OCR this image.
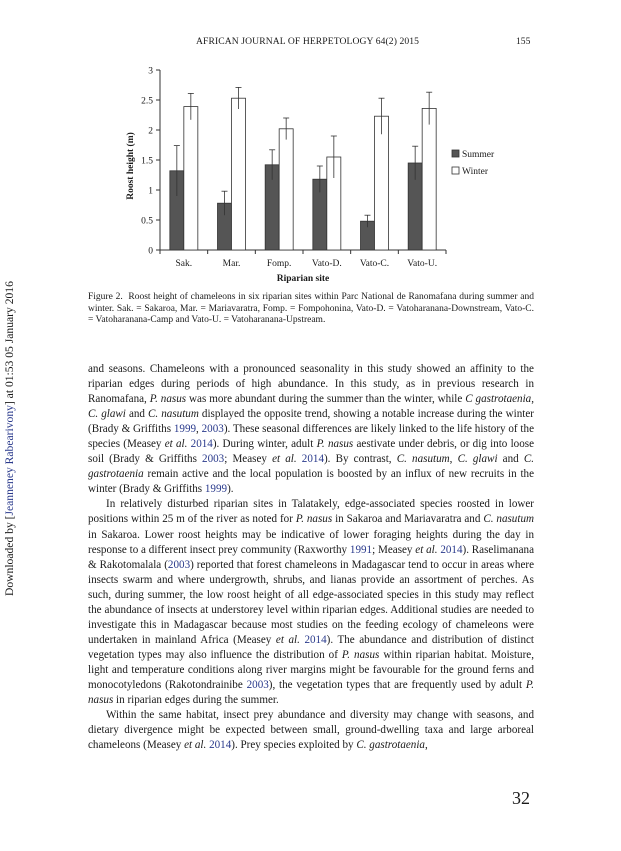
AFRICAN JOURNAL OF HERPETOLOGY 64(2) 2015	155
Downloaded by [Jeanneney Rabearivony] at 01:53 05 January 2016
0
0.5
1
1.5
2
2.5
3
Roost height (m)
Sak.	Mar.	Fomp. Vato-D. Vato-C. Vato-U.
Riparian site
Summer
Winter
Figure 2. Roost height of chameleons in six riparian sites within Parc National de Ranomafana during summer and winter. Sak. = Sakaroa, Mar. = Mariavaratra, Fomp. = Fompohonina, Vato-D. = Vatoharanana-Downstream, Vato-C. = Vatoharanana-Camp and Vato-U. = Vatoharanana-Upstream.

and seasons. Chameleons with a pronounced seasonality in this study showed an affinity to the riparian edges during periods of high abundance. In this study, as in previous research in Ranomafana, P. nasus was more abundant during the summer than the winter, while C gastrotaenia, C. glawi and C. nasutum displayed the opposite trend, showing a notable increase during the winter (Brady & Griffiths 1999, 2003). These seasonal differences are likely linked to the life history of the species (Measey et al. 2014). During winter, adult P. nasus aestivate under debris, or dig into loose soil (Brady & Griffiths 2003; Measey et al. 2014). By contrast, C. nasutum, C. glawi and C. gastrotaenia remain active and the local population is boosted by an influx of new recruits in the winter (Brady & Griffiths 1999).

In relatively disturbed riparian sites in Talatakely, edge-associated species roosted in lower positions within 25 m of the river as noted for P. nasus in Sakaroa and Mariavaratra and C. nasutum in Sakaroa. Lower roost heights may be indicative of lower foraging heights during the day in response to a different insect prey community (Raxworthy 1991; Measey et al. 2014). Raselimanana & Rakotomalala (2003) reported that forest chameleons in Madagascar tend to occur in areas where insects swarm and where undergrowth, shrubs, and lianas provide an assortment of perches. As such, during summer, the low roost height of all edge-associated species in this study may reflect the abundance of insects at understorey level within riparian edges. Additional studies are needed to investigate this in Madagascar because most studies on the feeding ecology of chameleons were undertaken in mainland Africa (Measey et al. 2014). The abundance and distribution of distinct vegetation types may also influence the distribution of P. nasus within riparian habitat. Moisture, light and temperature conditions along river margins might be favourable for the ground ferns and monocotyledons (Rakotondrainibe 2003), the vegetation types that are frequently used by adult P. nasus in riparian edges during the summer.

Within the same habitat, insect prey abundance and diversity may change with seasons, and dietary divergence might be expected between small, ground-dwelling taxa and large arboreal chameleons (Measey et al. 2014). Prey species exploited by C. gastrotaenia,

32
